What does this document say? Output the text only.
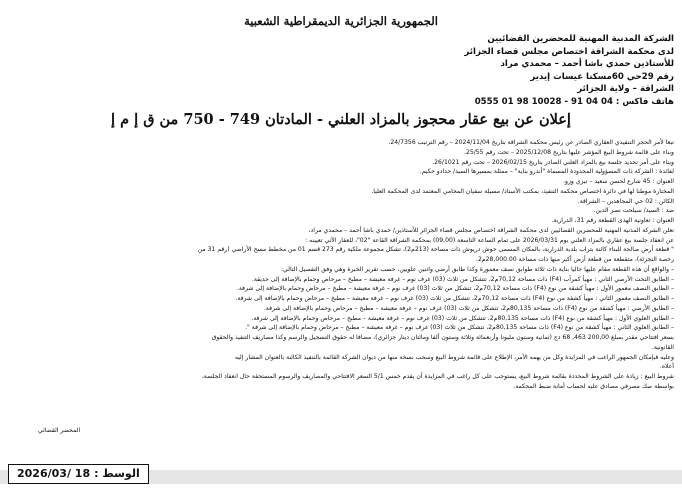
الجمهورية الجزائرية الديمقراطية الشعبية
الشركة المدنية المهنية للمحضرين القضائيين
لدى محكمة الشراقة اختصاص مجلس قضاء الجزائر
للأستاذين حمدي باشا أحمد – محمدي مراد
رقم 29حي 60مسكنا عيسات إيدير
الشراقة – ولاية الجزائر
هاتف فاكس : 04 04 91 - 10028 98 01 0555
إعلان عن بيع عقار محجوز بالمزاد العلني - المادتان 749 - 750 من ق إ م إ

تبعا لأمر الحجز التنفيذي العقاري الصادر عن رئيس محكمة الشراقة بتاريخ 2024/11/04 – رقم الترتيب 24/7356.

وبناء على قائمة شروط البيع المؤشر عليها بتاريخ 2025/12/08 – تحت رقم 25/55.

وبناء على أمر تحديد جلسة بيع بالمزاد العلني الصادر بتاريخ 2026/02/15 – تحت رقم 26/1021.

لفائدة : الشركة ذات المسؤولية المحدودة المسماة "أندرو بناية" – ممثلة بمسيرها السيد/ حدادو حكيم.

العنوان : 45 شارع لحسن سعيد – تيزي وزو.

المختارة موطنا لها في دائرة اختصاص محكمة التنفيذ، بمكتب الأستاذ/ مسيلة سفيان المحامي المعتمد لدى المحكمة العليا.

الكائن : 02 حي المجاهدين – الشراقة.

ضد : السيد/ سيلحت نصر الدين.

العنوان : تعاونية الهدى القطعة رقم 31، الدرارية.

تعلن الشركة المدنية المهنية للمحضرين القضائيين لدى محكمة الشراقة اختصاص مجلس قضاء الجزائر للأستاذين/ حمدي باشا أحمد – محمدي مراد،

عن انعقاد جلسة بيع عقاري بالمزاد العلني يوم 2026/03/31 على تمام الساعة التاسعة (09,00) بمحكمة الشراقة القاعة "02"، للعقار الآتي تعيينه :

" قطعة أرض صالحة للبناء كائنة بتراب بلدية الدرارية، بالمكان المسمى حوش دريوش ذات مساحة (213م2)، تشكل مجموعة ملكية رقم 273 قسم 01 من مخطط مسح الأراضي (رقم 31 من

رخصة التجزئة)، متقطعة من قطعة أرض أكبر منها ذات مساحة 28,000.00م2.

– والواقع أن هذه القطعة مقام عليها حاليا بناية ذات ثلاثة طوابق نصف معمورة وكذا طابق أرضي واثنين علويين، حسب تقرير الخبرة وهي وفق التفصيل التالي:

– الطابق التحت الأرضي الثاني : مهيأ كمرآب (F4) ذات مساحة 70,12م2، تتشكل من ثلاث (03) غرف نوم – غرفة معيشة – مطبخ – مرحاض وحمام بالإضافة إلى حديقة.

– الطابق النصف مغمور الأول : مهيأ كشقة من نوع (F4) ذات مساحة 70,12م2، تتشكل من ثلاث (03) غرف نوم – غرفة معيشة – مطبخ – مرحاض وحمام بالإضافة إلى شرفة.

– الطابق النصف مغمور الثاني : مهيأ كشقة من نوع (F4) ذات مساحة 70,12م2، تتشكل من ثلاث (03) غرف نوم – غرفة معيشة – مطبخ – مرحاض وحمام بالإضافة إلى شرفة.

– الطابق الأرضي : مهيأ كشقة من نوع (F4) ذات مساحة 80,135م2، تتشكل من ثلاث (03) غرف نوم – غرفة معيشة – مطبخ – مرحاض وحمام بالإضافة إلى شرفة.

– الطابق العلوي الأول : مهيأ كشقة من نوع (F4) ذات مساحة 80,135م2، تتشكل من ثلاث (03) غرف نوم – غرفة معيشة – مطبخ – مرحاض وحمام بالإضافة إلى شرفة.

– الطابق العلوي الثاني : مهيأ كشقة من نوع (F4) ذات مساحة 80,135م2، تتشكل من ثلاث (03) غرف نوم – غرفة معيشة – مطبخ – مرحاض وحمام بالإضافة إلى شرفة ".

بسعر افتتاحي مقدر بمبلغ 200,00 463, 68 دج (ثمانية وستون مليونا وأربعمائة وثلاثة وستون ألفا ومائتان دينار جزائري)، مضافا له حقوق التسجيل والرسم وكذا مصاريف التنفيذ والحقوق

القانونية.

وعليه فبإمكان الجمهور الراغب في المزايدة وكل من يهمه الأمر، الإطلاع على قائمة شروط البيع وسحب نسخة منها من ديوان الشركة القائمة بالتنفيذ الكائنة بالعنوان المشار إليه

أعلاه.

شروط البيع : زيادة على الشروط المحددة بقائمة شروط البيع، يستوجب على كل راغب في المزايدة أن يقدم خمس 5/1 السعر الافتتاحي والمصاريف والرسوم المستحقة حال انعقاد الجلسة،

بواسطة صك مصرفي مصادق عليه لحساب أمانة ضبط المحكمة.

المحضر القضائي
الوسط :2026/03/ 18
